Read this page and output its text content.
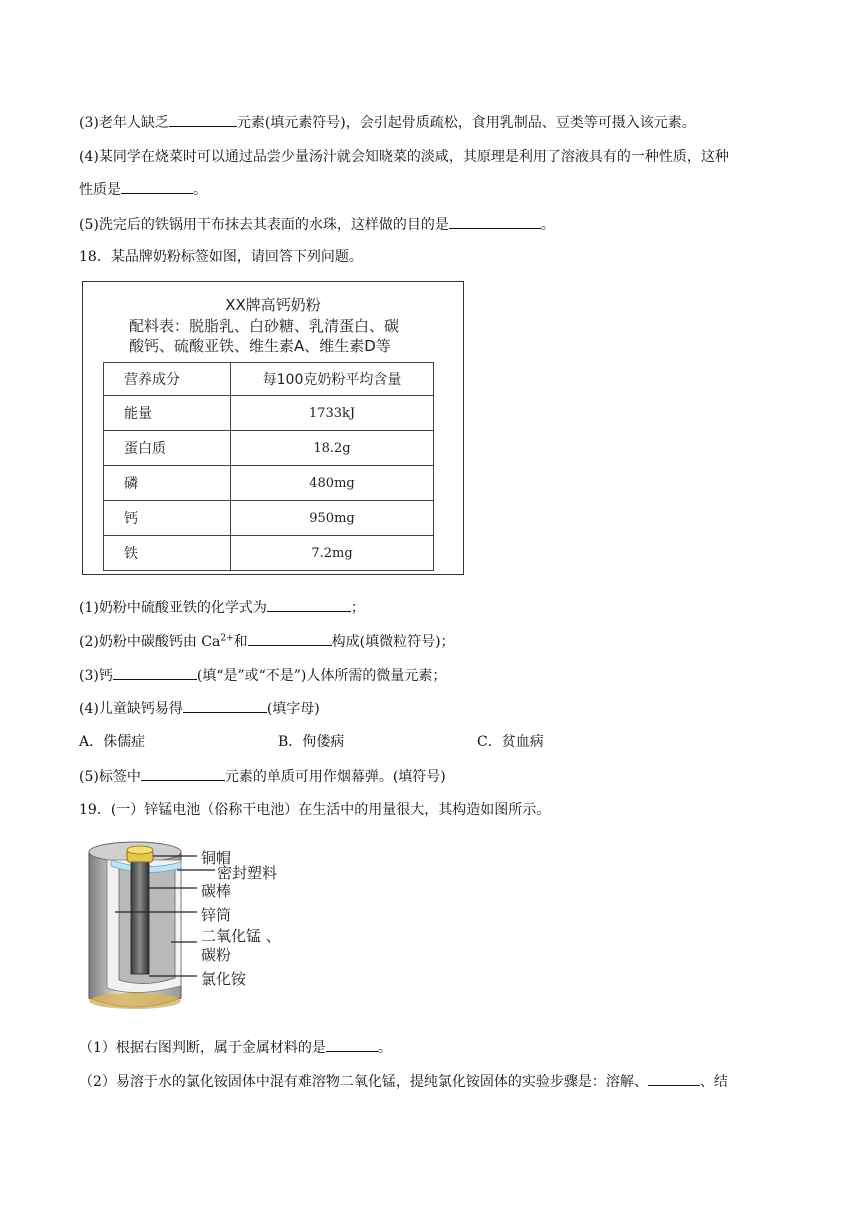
(3)老年人缺乏	元素(填元素符号)，会引起骨质疏松，食用乳制品、豆类等可摄入该元素。
(4)某同学在烧菜时可以通过品尝少量汤汁就会知晓菜的淡咸，其原理是利用了溶液具有的一种性质，这种
性质是	。
(5)洗完后的铁锅用干布抹去其表面的水珠，这样做的目的是	。
18．某品牌奶粉标签如图，请回答下列问题。
XX牌高钙奶粉
配料表：脱脂乳、白砂糖、乳清蛋白、碳
酸钙、硫酸亚铁、维生素A、维生素D等
营养成分	每100克奶粉平均含量
能量	1733kJ
蛋白质	18.2g
磷	480mg
钙	950mg
铁	7.2mg
(1)奶粉中硫酸亚铁的化学式为	；
(2)奶粉中碳酸钙由 $Ca^{2+}$和	构成(填微粒符号)；
(3)钙	(填“是”或“不是”)人体所需的微量元素；
(4)儿童缺钙易得	(填字母)
A．侏儒症	B．佝偻病	C．贫血病
(5)标签中	元素的单质可用作烟幕弹。(填符号)
19．(一）锌锰电池（俗称干电池）在生活中的用量很大，其构造如图所示。
铜帽
密封塑料
碳棒
锌筒
二氧化锰 、
碳粉
氯化铵
（1）根据右图判断，属于金属材料的是	。
（2）易溶于水的氯化铵固体中混有难溶物二氧化锰，提纯氯化铵固体的实验步骤是：溶解、	、结
